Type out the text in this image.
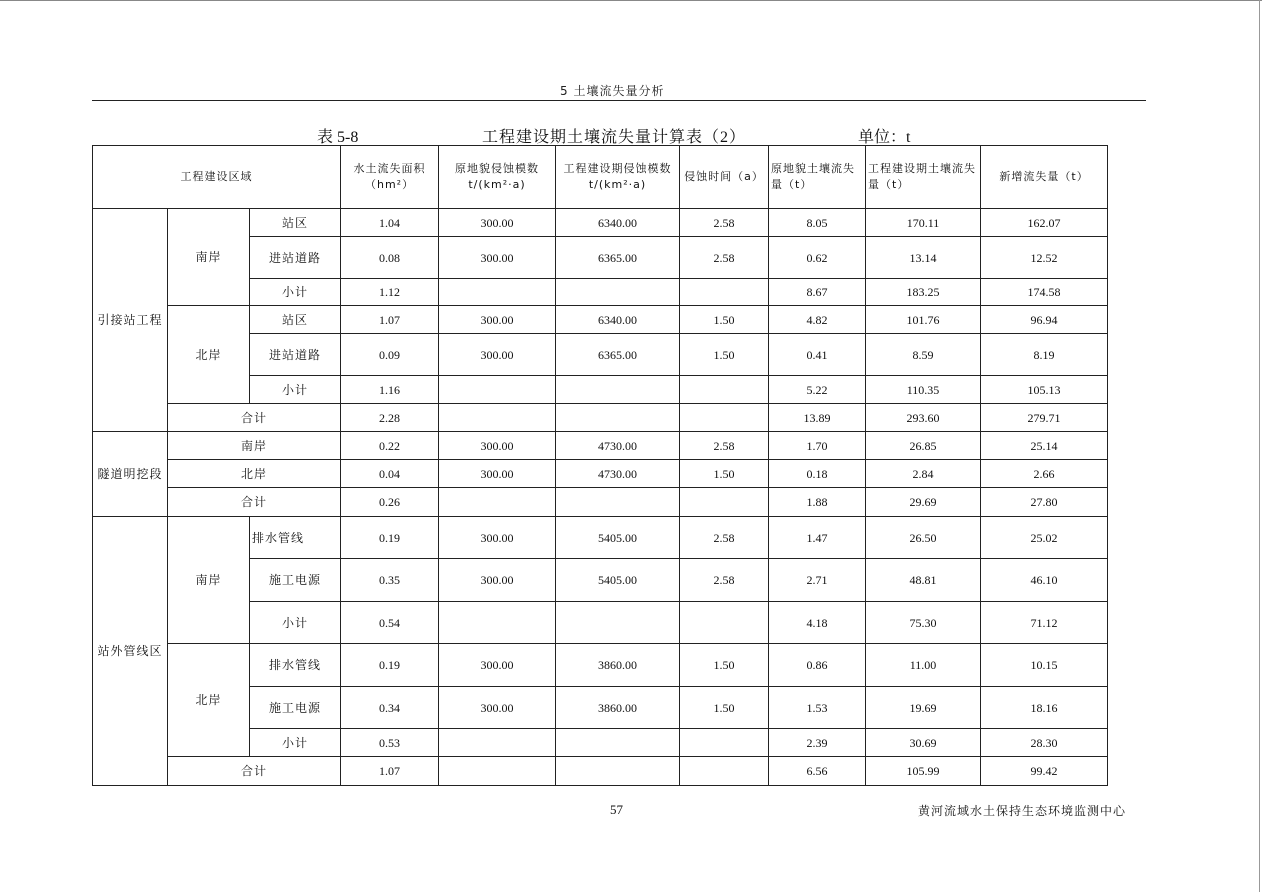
5 土壤流失量分析
表 5-8	工程建设期土壤流失量计算表（2）	单位：t
工程建设区域			水土流失面积（hm²）	原地貌侵蚀模数 t/(km²·a)	工程建设期侵蚀模数 t/(km²·a)	侵蚀时间（a）	原地貌土壤流失量（t）	工程建设期土壤流失量（t）	新增流失量（t）
引接站工程	南岸	站区	1.04	300.00	6340.00	2.58	8.05	170.11	162.07
		进站道路	0.08	300.00	6365.00	2.58	0.62	13.14	12.52
		小计	1.12				8.67	183.25	174.58
	北岸	站区	1.07	300.00	6340.00	1.50	4.82	101.76	96.94
		进站道路	0.09	300.00	6365.00	1.50	0.41	8.59	8.19
		小计	1.16				5.22	110.35	105.13
	合计		2.28				13.89	293.60	279.71
隧道明挖段	南岸		0.22	300.00	4730.00	2.58	1.70	26.85	25.14
	北岸		0.04	300.00	4730.00	1.50	0.18	2.84	2.66
	合计		0.26				1.88	29.69	27.80
站外管线区	南岸	排水管线	0.19	300.00	5405.00	2.58	1.47	26.50	25.02
		施工电源	0.35	300.00	5405.00	2.58	2.71	48.81	46.10
		小计	0.54				4.18	75.30	71.12
	北岸	排水管线	0.19	300.00	3860.00	1.50	0.86	11.00	10.15
		施工电源	0.34	300.00	3860.00	1.50	1.53	19.69	18.16
		小计	0.53				2.39	30.69	28.30
	合计		1.07				6.56	105.99	99.42
57	黄河流域水土保持生态环境监测中心
